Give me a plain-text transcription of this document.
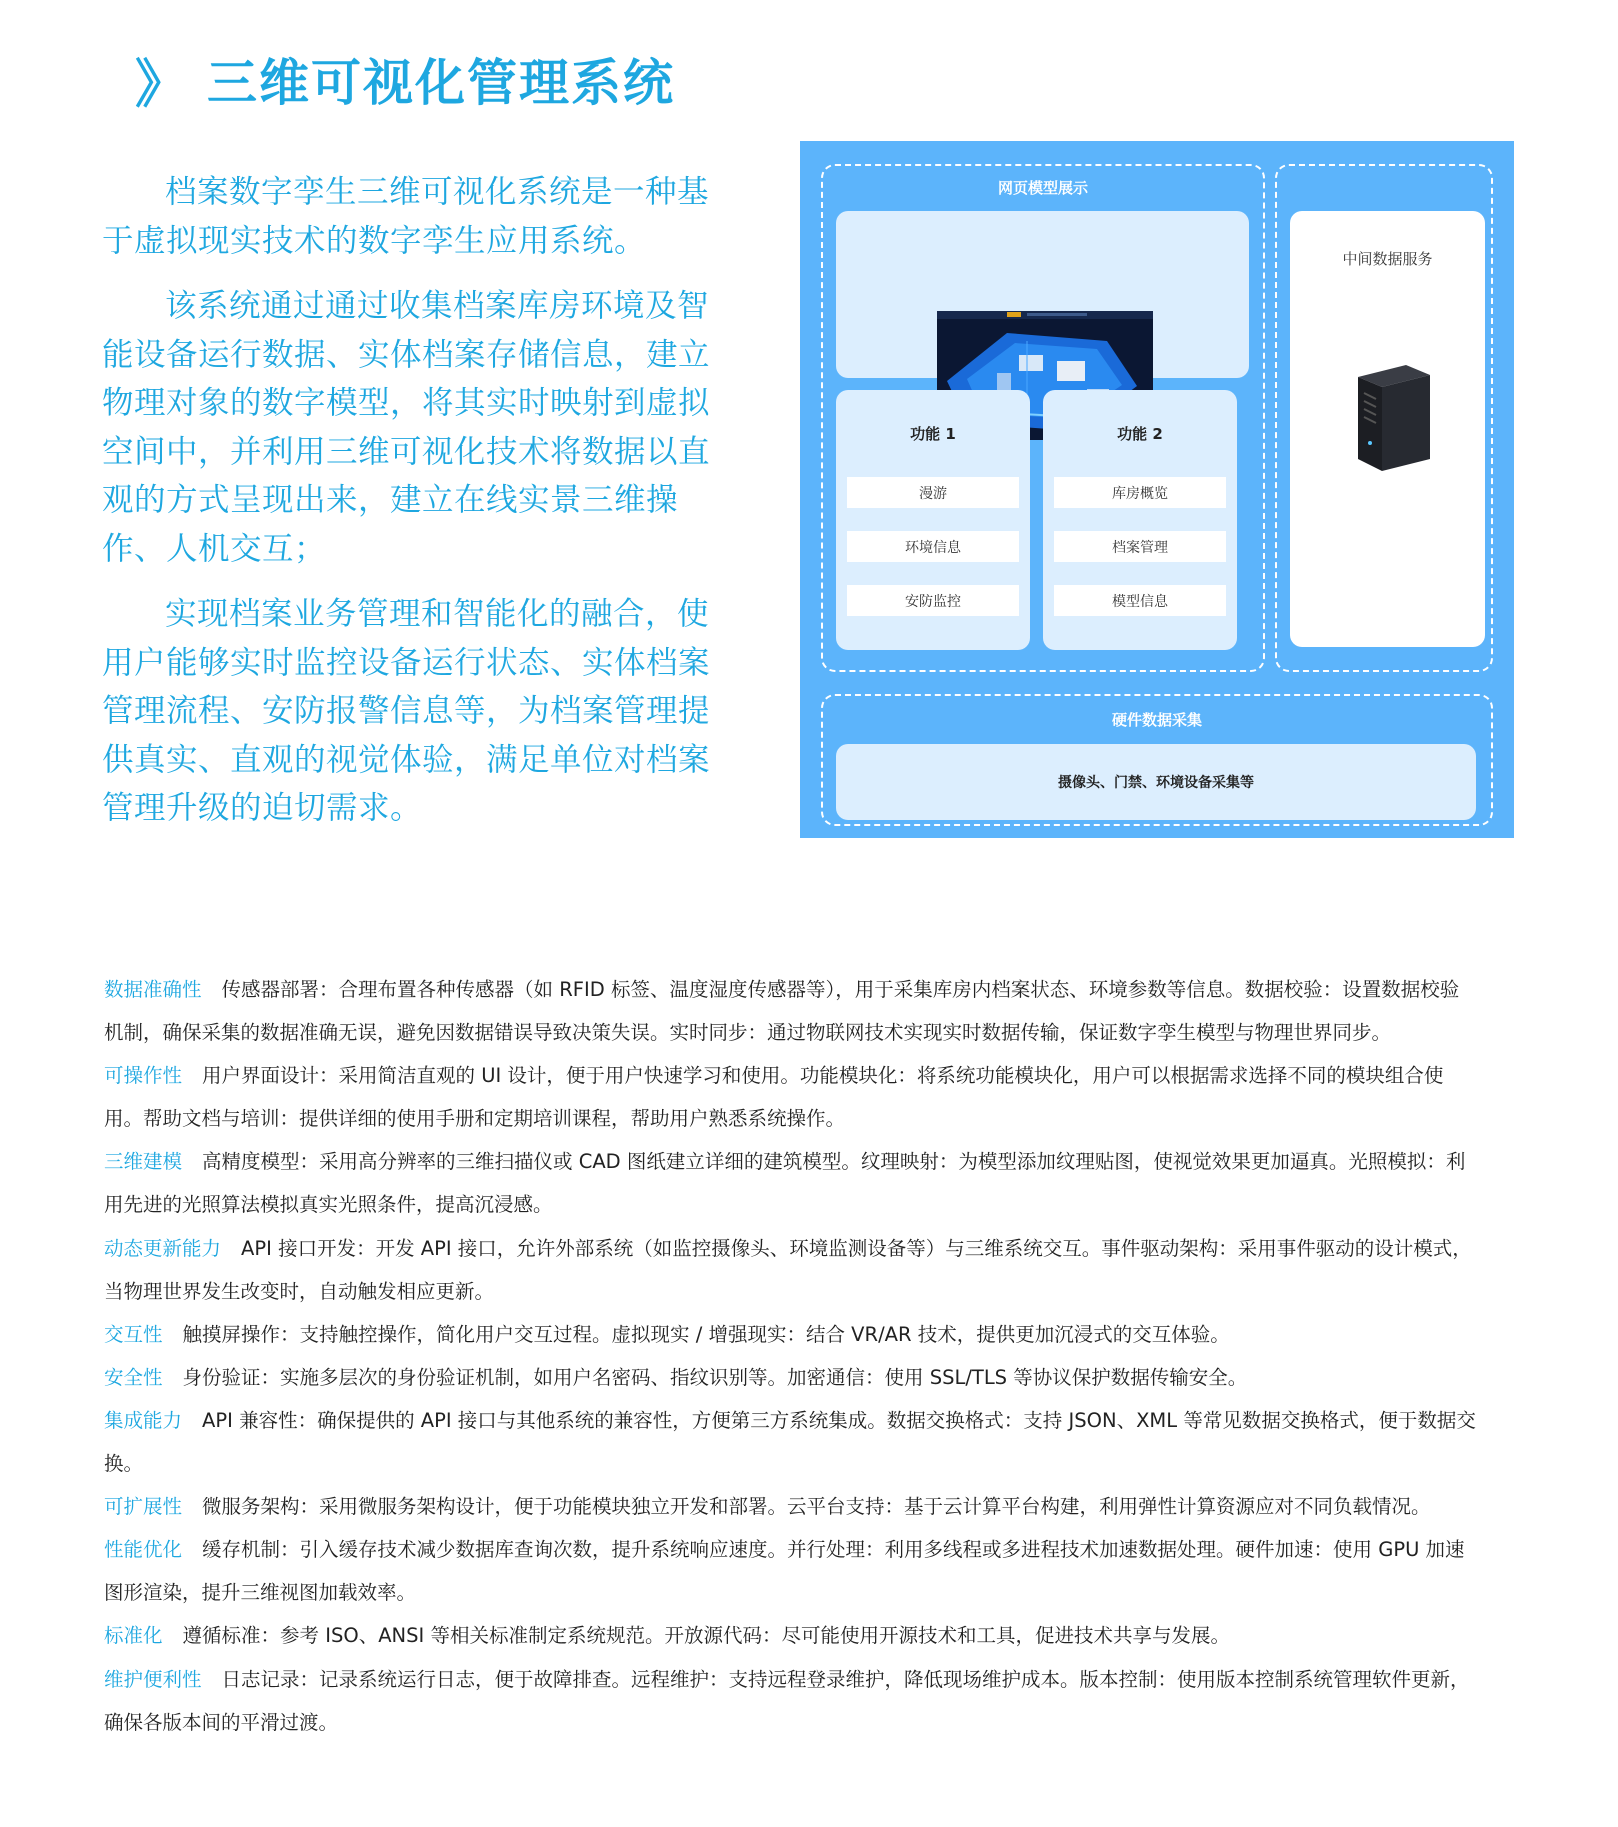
》 三维可视化管理系统

档案数字孪生三维可视化系统是一种基于虚拟现实技术的数字孪生应用系统。

该系统通过通过收集档案库房环境及智能设备运行数据、实体档案存储信息，建立物理对象的数字模型，将其实时映射到虚拟空间中，并利用三维可视化技术将数据以直观的方式呈现出来，建立在线实景三维操作、人机交互；

实现档案业务管理和智能化的融合，使用户能够实时监控设备运行状态、实体档案管理流程、安防报警信息等，为档案管理提供真实、直观的视觉体验，满足单位对档案管理升级的迫切需求。

网页模型展示
功能 1
漫游
环境信息
安防监控
功能 2
库房概览
档案管理
模型信息
中间数据服务
硬件数据采集
摄像头、门禁、环境设备采集等

数据准确性 传感器部署：合理布置各种传感器（如 RFID 标签、温度湿度传感器等），用于采集库房内档案状态、环境参数等信息。数据校验：设置数据校验机制，确保采集的数据准确无误，避免因数据错误导致决策失误。实时同步：通过物联网技术实现实时数据传输，保证数字孪生模型与物理世界同步。

可操作性 用户界面设计：采用简洁直观的 UI 设计，便于用户快速学习和使用。功能模块化：将系统功能模块化，用户可以根据需求选择不同的模块组合使用。帮助文档与培训：提供详细的使用手册和定期培训课程，帮助用户熟悉系统操作。

三维建模 高精度模型：采用高分辨率的三维扫描仪或 CAD 图纸建立详细的建筑模型。纹理映射：为模型添加纹理贴图，使视觉效果更加逼真。光照模拟：利用先进的光照算法模拟真实光照条件，提高沉浸感。

动态更新能力 API 接口开发：开发 API 接口，允许外部系统（如监控摄像头、环境监测设备等）与三维系统交互。事件驱动架构：采用事件驱动的设计模式，当物理世界发生改变时，自动触发相应更新。

交互性 触摸屏操作：支持触控操作，简化用户交互过程。虚拟现实 / 增强现实：结合 VR/AR 技术，提供更加沉浸式的交互体验。

安全性 身份验证：实施多层次的身份验证机制，如用户名密码、指纹识别等。加密通信：使用 SSL/TLS 等协议保护数据传输安全。

集成能力 API 兼容性：确保提供的 API 接口与其他系统的兼容性，方便第三方系统集成。数据交换格式：支持 JSON、XML 等常见数据交换格式，便于数据交换。

可扩展性 微服务架构：采用微服务架构设计，便于功能模块独立开发和部署。云平台支持：基于云计算平台构建，利用弹性计算资源应对不同负载情况。

性能优化 缓存机制：引入缓存技术减少数据库查询次数，提升系统响应速度。并行处理：利用多线程或多进程技术加速数据处理。硬件加速：使用 GPU 加速图形渲染，提升三维视图加载效率。

标准化 遵循标准：参考 ISO、ANSI 等相关标准制定系统规范。开放源代码：尽可能使用开源技术和工具，促进技术共享与发展。

维护便利性 日志记录：记录系统运行日志，便于故障排查。远程维护：支持远程登录维护，降低现场维护成本。版本控制：使用版本控制系统管理软件更新，确保各版本间的平滑过渡。
